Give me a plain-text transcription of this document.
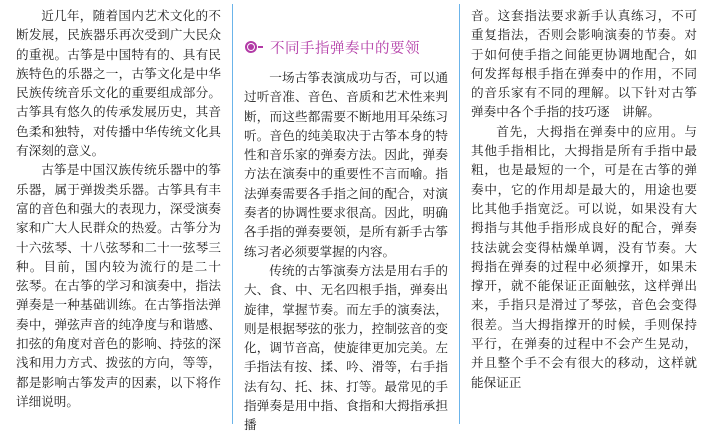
近几年，随着国内艺术文化的不断发展，民族器乐再次受到广大民众的重视。古筝是中国特有的、具有民族特色的乐器之一，古筝文化是中华民族传统音乐文化的重要组成部分。古筝具有悠久的传承发展历史，其音色柔和独特，对传播中华传统文化具有深刻的意义。

古筝是中国汉族传统乐器中的筝乐器，属于弹拨类乐器。古筝具有丰富的音色和强大的表现力，深受演奏家和广大人民群众的热爱。古筝分为十六弦琴、十八弦琴和二十一弦琴三种。目前，国内较为流行的是二十　弦琴。在古筝的学习和演奏中，指法弹奏是一种基础训练。在古筝指法弹奏中，弹弦声音的纯净度与和谐感、扣弦的角度对音色的影响、持弦的深浅和用力方式、拨弦的方向，等等，都是影响古筝发声的因素，以下将作详细说明。

不同手指弹奏中的要领

一场古筝表演成功与否，可以通过听音准、音色、音质和艺术性来判断，而这些都需要不断地用耳朵练习听。音色的纯美取决于古筝本身的特性和音乐家的弹奏方法。因此，弹奏方法在演奏中的重要性不言而喻。指法弹奏需要各手指之间的配合，对演奏者的协调性要求很高。因此，明确各手指的弹奏要领，是所有新手古筝练习者必须要掌握的内容。

传统的古筝演奏方法是用右手的大、食、中、无名四根手指，弹奏出旋律，掌握节奏。而左手的演奏法，则是根据琴弦的张力，控制弦音的变化，调节音高，使旋律更加完美。左手指法有按、揉、吟、滑等，右手指法有勾、托、抹、打等。最常见的手指弹奏是用中指、食指和大拇指承担播

音。这套指法要求新手认真练习，不可重复指法，否则会影响演奏的节奏。对于如何使手指之间能更协调地配合，如何发挥每根手指在弹奏中的作用，不同的音乐家有不同的理解。以下针对古筝弹奏中各个手指的技巧逐　讲解。

首先，大拇指在弹奏中的应用。与其他手指相比，大拇指是所有手指中最粗，也是最短的一个，可是在古筝的弹奏中，它的作用却是最大的，用途也要比其他手指宽泛。可以说，如果没有大拇指与其他手指形成良好的配合，弹奏技法就会变得枯燥单调，没有节奏。大拇指在弹奏的过程中必须撑开，如果未撑开，就不能保证正面触弦，这样弹出来，手指只是滑过了琴弦，音色会变得很差。当大拇指撑开的时候，手则保持平行，在弹奏的过程中不会产生晃动，并且整个手不会有很大的移动，这样就能保证正
